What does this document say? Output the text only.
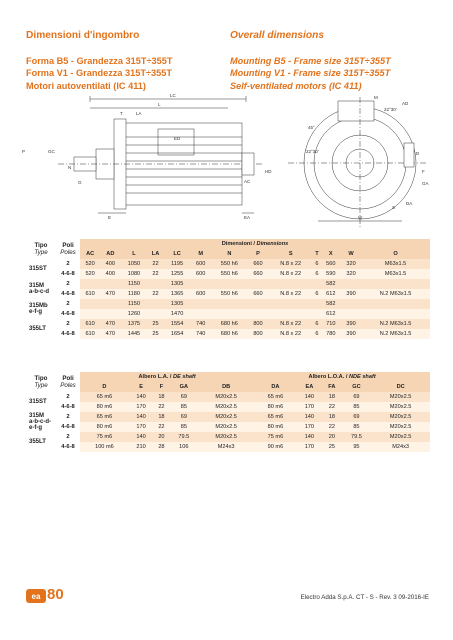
Dimensioni d'ingombro
Forma B5 - Grandezza 315T÷355T
Forma V1 - Grandezza 315T÷355T
Motori autoventilati (IC 411)
Overall dimensions
Mounting B5 - Frame size 315T÷355T
Mounting V1 - Frame size 315T÷355T
Self-ventilated motors (IC 411)
LC
L
T	LA
ED
GC
P
N
G
HD
AC
E	EA
M
AD
22°30'
45°
22°30'	D
GA
F
W
S
DA
Tipo
Type	Poli
Poles	Dimensioni / Dimensions												
		AC	AD	L	LA	LC	M	N	P	S	T	X	W	O

315ST	2	520	400	1050	22	1195	600	550 h6	660	N.8 x 22	6	560	320	M63x1.5
	4-6-8	520	400	1080	22	1255	600	550 h6	660	N.8 x 22	6	590	320	M63x1.5

315M
a-b-c-d	2			1150		1305						582		
	4-6-8	610	470	1180	22	1365	600	550 h6	660	N.8 x 22	6	612	390	N.2 M63x1.5

315Mb
e-f-g	2			1150		1305						582		
	4-6-8			1260		1470						612		

355LT	2	610	470	1375	25	1554	740	680 h6	800	N.8 x 22	6	710	390	N.2 M63x1.5
	4-6-8	610	470	1445	25	1654	740	680 h6	800	N.8 x 22	6	780	390	N.2 M63x1.5
Tipo
Type	Poli
Poles	Albero L.A. / DE shaft					Albero L.O.A. / NDE shaft				
		D	E	F	GA	DB	DA	EA	FA	GC	DC

315ST	2	65 m6	140	18	69	M20x2.5	65 m6	140	18	69	M20x2.5
	4-6-8	80 m6	170	22	85	M20x2.5	80 m6	170	22	85	M20x2.5

315M
a-b-c-d-e-f-g	2	65 m6	140	18	69	M20x2.5	65 m6	140	18	69	M20x2.5
	4-6-8	80 m6	170	22	85	M20x2.5	80 m6	170	22	85	M20x2.5

355LT	2	75 m6	140	20	79.5	M20x2.5	75 m6	140	20	79.5	M20x2.5
	4-6-8	100 m6	210	28	106	M24x3	90 m6	170	25	95	M24x3
ea 80	Electro Adda S.p.A. CT - S - Rev. 3 09-2016-IE
